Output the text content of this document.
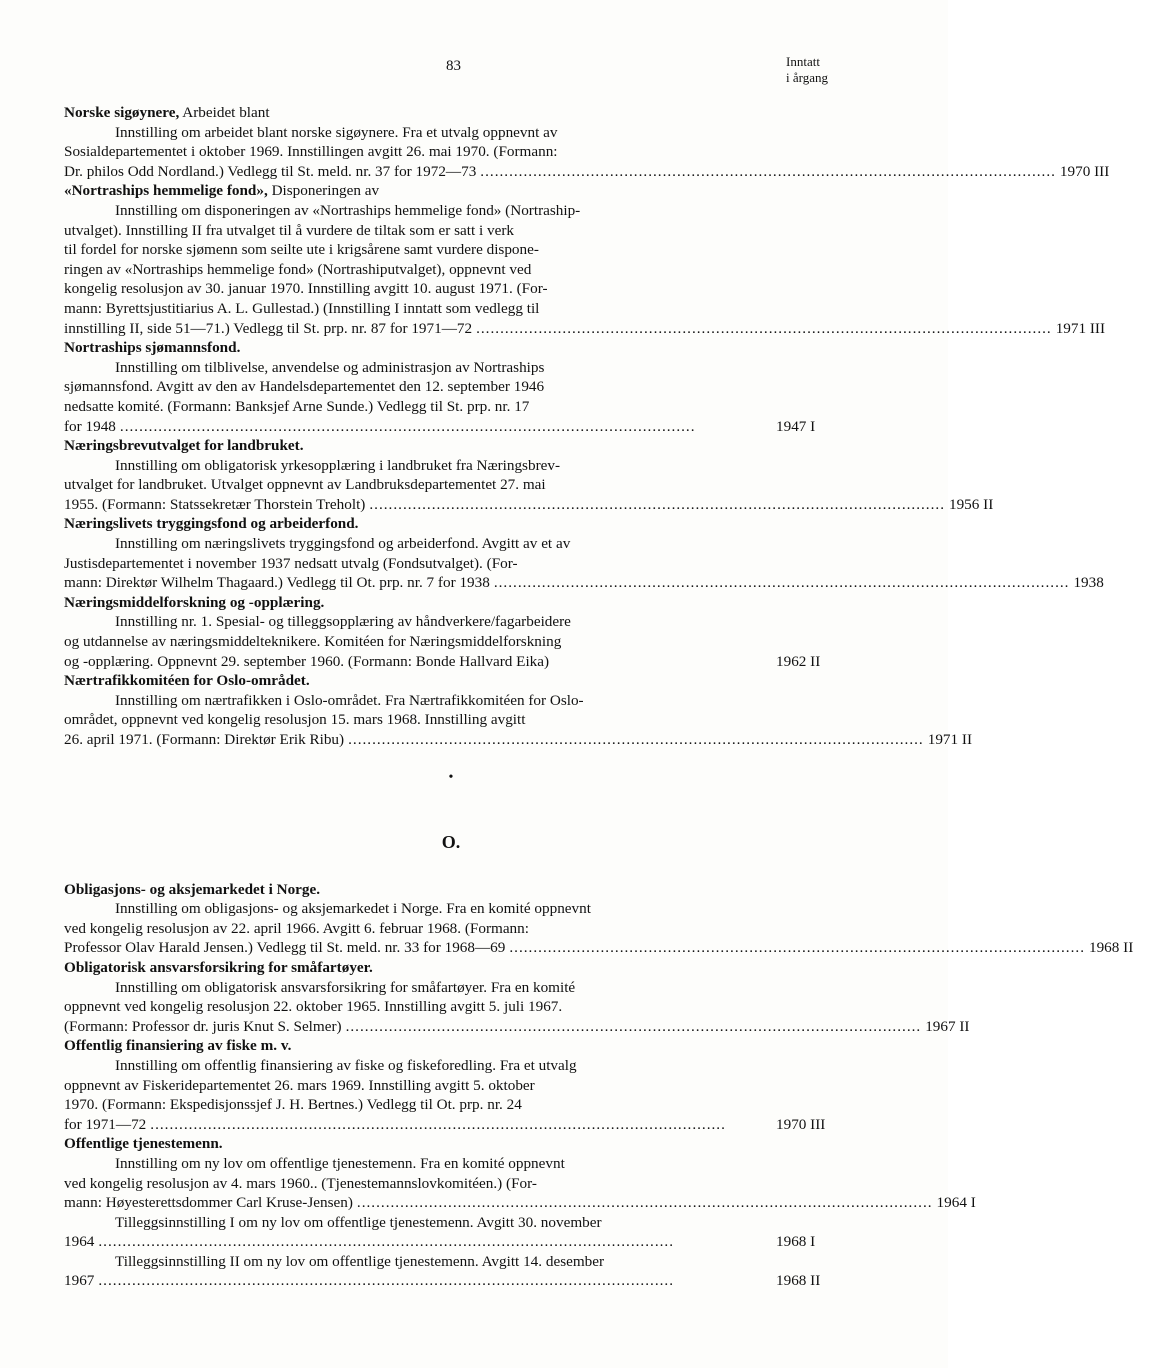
83	Inntatt
i årgang
Norske sigøynere, Arbeidet blant
Innstilling om arbeidet blant norske sigøynere. Fra et utvalg oppnevnt av
Sosialdepartementet i oktober 1969. Innstillingen avgitt 26. mai 1970. (Formann:
Dr. philos Odd Nordland.) Vedlegg til St. meld. nr. 37 for 1972—73 ........................................................................................................................ 1970 III
«Nortraships hemmelige fond», Disponeringen av
Innstilling om disponeringen av «Nortraships hemmelige fond» (Nortraship-
utvalget). Innstilling II fra utvalget til å vurdere de tiltak som er satt i verk
til fordel for norske sjømenn som seilte ute i krigsårene samt vurdere dispone-
ringen av «Nortraships hemmelige fond» (Nortrashiputvalget), oppnevnt ved
kongelig resolusjon av 30. januar 1970. Innstilling avgitt 10. august 1971. (For-
mann: Byrettsjustitiarius A. L. Gullestad.) (Innstilling I inntatt som vedlegg til
innstilling II, side 51—71.) Vedlegg til St. prp. nr. 87 for 1971—72 ........................................................................................................................ 1971 III
Nortraships sjømannsfond.
Innstilling om tilblivelse, anvendelse og administrasjon av Nortraships
sjømannsfond. Avgitt av den av Handelsdepartementet den 12. september 1946
nedsatte komité. (Formann: Banksjef Arne Sunde.) Vedlegg til St. prp. nr. 17
for 1948 ........................................................................................................................	1947 I
Næringsbrevutvalget for landbruket.
Innstilling om obligatorisk yrkesopplæring i landbruket fra Næringsbrev-
utvalget for landbruket. Utvalget oppnevnt av Landbruksdepartementet 27. mai
1955. (Formann: Statssekretær Thorstein Treholt) ........................................................................................................................ 1956 II
Næringslivets tryggingsfond og arbeiderfond.
Innstilling om næringslivets tryggingsfond og arbeiderfond. Avgitt av et av
Justisdepartementet i november 1937 nedsatt utvalg (Fondsutvalget). (For-
mann: Direktør Wilhelm Thagaard.) Vedlegg til Ot. prp. nr. 7 for 1938 ........................................................................................................................ 1938
Næringsmiddelforskning og -opplæring.
Innstilling nr. 1. Spesial- og tilleggsopplæring av håndverkere/fagarbeidere
og utdannelse av næringsmiddelteknikere. Komitéen for Næringsmiddelforskning
og -opplæring. Oppnevnt 29. september 1960. (Formann: Bonde Hallvard Eika)	1962 II
Nærtrafikkomitéen for Oslo-området.
Innstilling om nærtrafikken i Oslo-området. Fra Nærtrafikkomitéen for Oslo-
området, oppnevnt ved kongelig resolusjon 15. mars 1968. Innstilling avgitt
26. april 1971. (Formann: Direktør Erik Ribu) ........................................................................................................................ 1971 II
•
O.
Obligasjons- og aksjemarkedet i Norge.
Innstilling om obligasjons- og aksjemarkedet i Norge. Fra en komité oppnevnt
ved kongelig resolusjon av 22. april 1966. Avgitt 6. februar 1968. (Formann:
Professor Olav Harald Jensen.) Vedlegg til St. meld. nr. 33 for 1968—69 ........................................................................................................................ 1968 II
Obligatorisk ansvarsforsikring for småfartøyer.
Innstilling om obligatorisk ansvarsforsikring for småfartøyer. Fra en komité
oppnevnt ved kongelig resolusjon 22. oktober 1965. Innstilling avgitt 5. juli 1967.
(Formann: Professor dr. juris Knut S. Selmer) ........................................................................................................................ 1967 II
Offentlig finansiering av fiske m. v.
Innstilling om offentlig finansiering av fiske og fiskeforedling. Fra et utvalg
oppnevnt av Fiskeridepartementet 26. mars 1969. Innstilling avgitt 5. oktober
1970. (Formann: Ekspedisjonssjef J. H. Bertnes.) Vedlegg til Ot. prp. nr. 24
for 1971—72 ........................................................................................................................	1970 III
Offentlige tjenestemenn.
Innstilling om ny lov om offentlige tjenestemenn. Fra en komité oppnevnt
ved kongelig resolusjon av 4. mars 1960.. (Tjenestemannslovkomitéen.) (For-
mann: Høyesterettsdommer Carl Kruse-Jensen) ........................................................................................................................ 1964 I
Tilleggsinnstilling I om ny lov om offentlige tjenestemenn. Avgitt 30. november
1964 ........................................................................................................................	1968 I
Tilleggsinnstilling II om ny lov om offentlige tjenestemenn. Avgitt 14. desember
1967 ........................................................................................................................	1968 II
